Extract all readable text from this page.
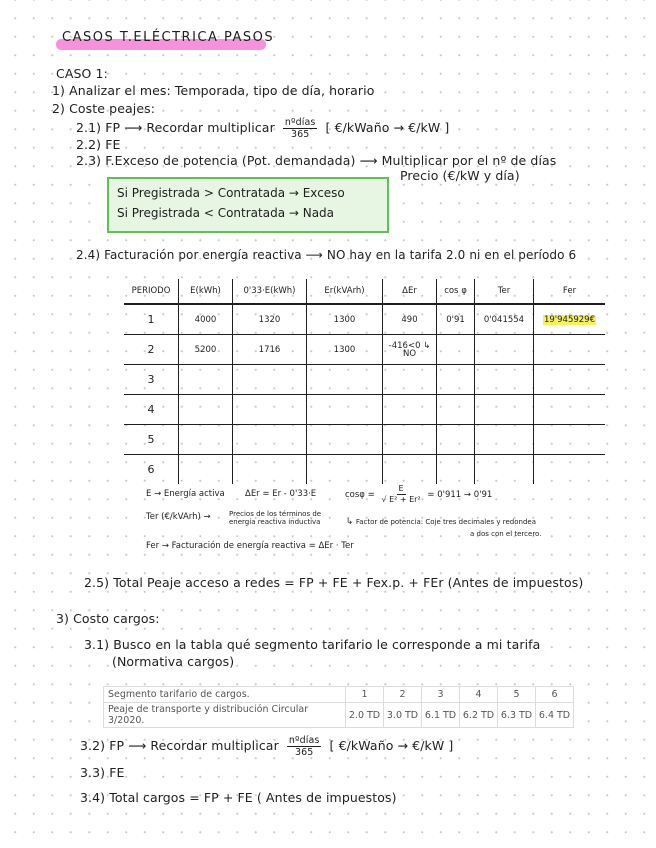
CASOS T.ELÉCTRICA PASOS
CASO 1:
1) Analizar el mes: Temporada, tipo de día, horario
2) Coste peajes:
2.1) FP ⟶ Recordar multiplicar $\frac{\text{nºdías}}{365}$ [ €/kWaño → €/kW ]
2.2) FE
2.3) F.Exceso de potencia (Pot. demandada) ⟶ Multiplicar por el nº de días
Precio (€/kW y día)
Si Pregistrada > Contratada → Exceso
Si Pregistrada < Contratada → Nada
2.4) Facturación por energía reactiva ⟶ NO hay en la tarifa 2.0 ni en el período 6
PERIODO	E(kWh)	0'33·E(kWh)	Er(kVArh)	ΔEr	cos φ	Ter	Fer
1	4000	1320	1300	490	0'91	0'041554	19'945929€
2	5200	1716	1300	-416<0 ↳ NO			
3							
4							
5							
6							
E → Energía activa ΔEr = Er - 0'33·E	$\cos\varphi = \frac{E}{\text{√ E² + Er²}} = 0'911 \to 0'91$
Ter (€/kVArh) →	Precios de los términos de energía reactiva inductiva	↳ Factor de potencia: Coje tres decimales y redondea
a dos con el tercero.
Fer → Facturación de energía reactiva = ΔEr · Ter
2.5) Total Peaje acceso a redes = FP + FE + Fex.p. + FEr (Antes de impuestos)
3) Costo cargos:
3.1) Busco en la tabla qué segmento tarifario le corresponde a mi tarifa
(Normativa cargos)
Segmento tarifario de cargos.	1	2	3	4	5	6
Peaje de transporte y distribución Circular 3/2020.	2.0 TD	3.0 TD	6.1 TD	6.2 TD	6.3 TD	6.4 TD
3.2) FP ⟶ Recordar multiplicar $\frac{\text{nºdías}}{365}$ [ €/kWaño → €/kW ]
3.3) FE
3.4) Total cargos = FP + FE ( Antes de impuestos)
